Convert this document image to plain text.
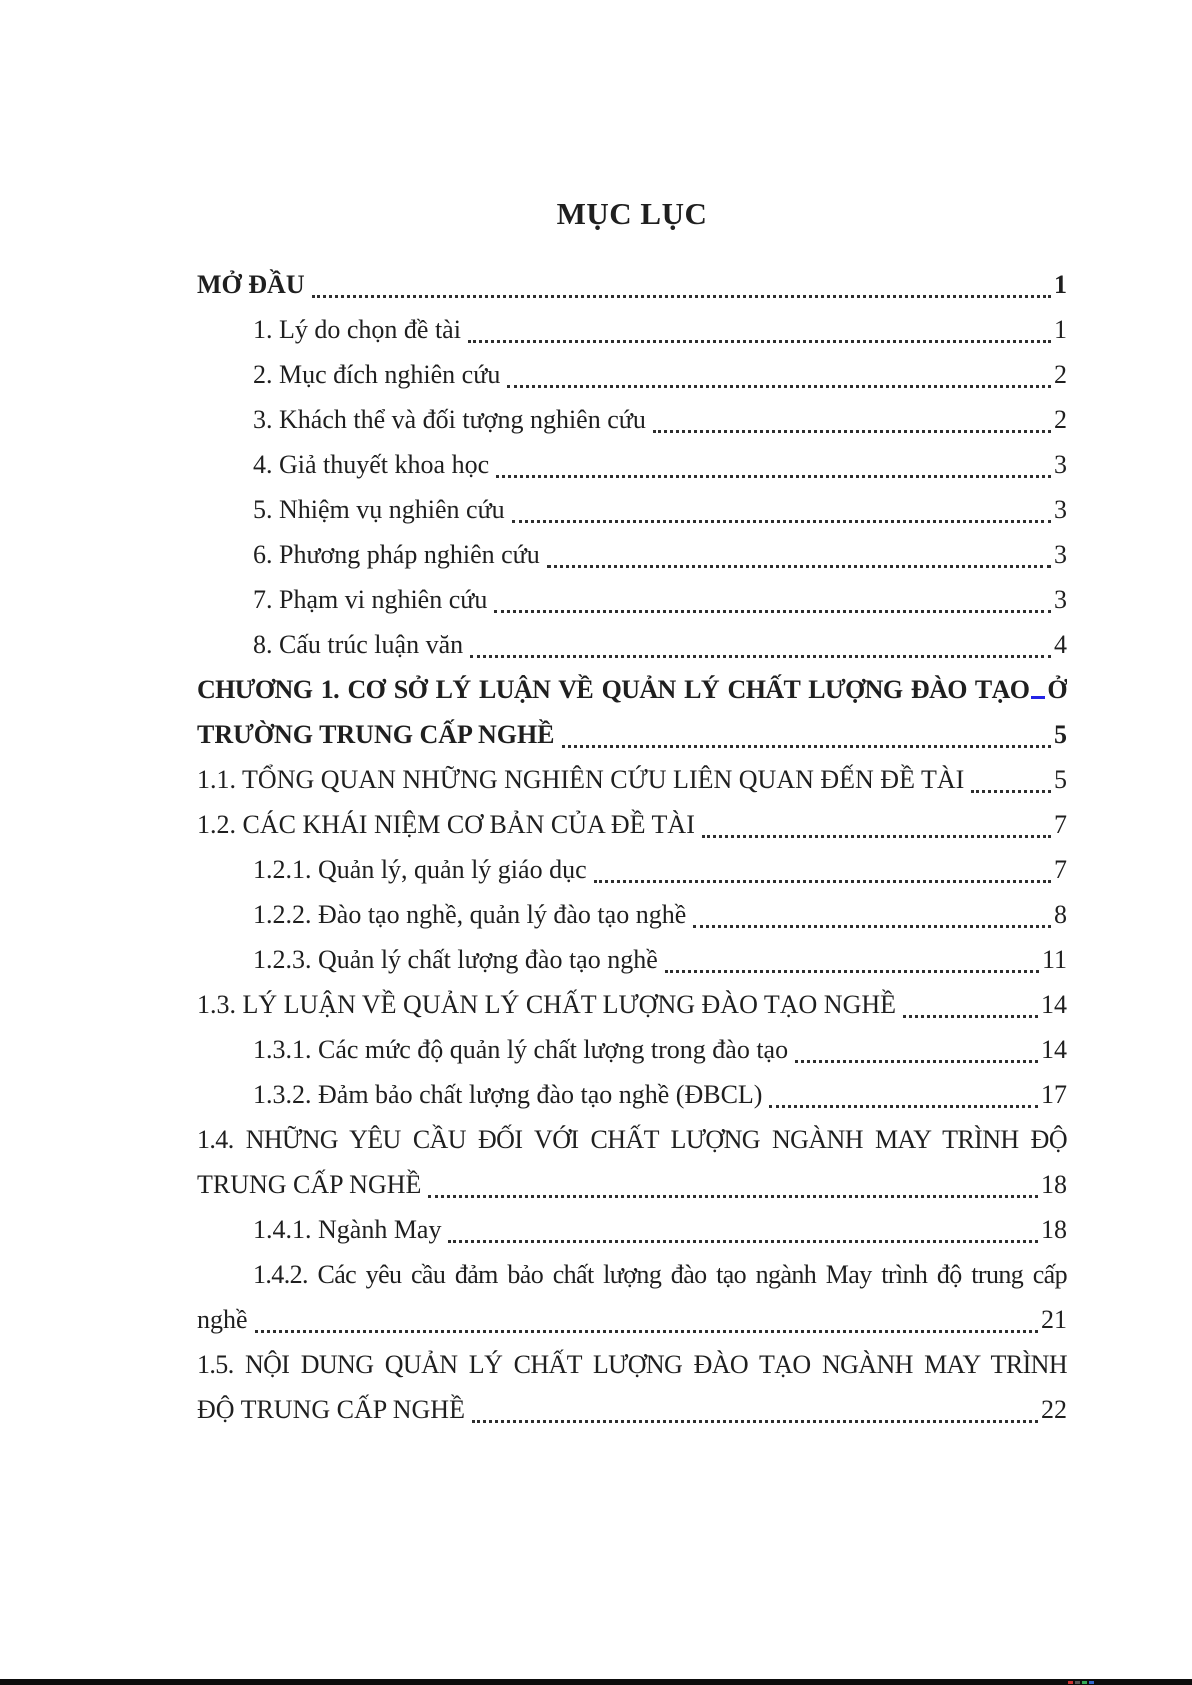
MỤC LỤC
MỞ ĐẦU	1
1. Lý do chọn đề tài	1
2. Mục đích nghiên cứu	2
3. Khách thể và đối tượng nghiên cứu	2
4. Giả thuyết khoa học	3
5. Nhiệm vụ nghiên cứu	3
6. Phương pháp nghiên cứu	3
7. Phạm vi nghiên cứu	3
8. Cấu trúc luận văn	4
CHƯƠNG 1. CƠ SỞ LÝ LUẬN VỀ QUẢN LÝ CHẤT LƯỢNG ĐÀO TẠO Ở
TRƯỜNG TRUNG CẤP NGHỀ	5
1.1. TỔNG QUAN NHỮNG NGHIÊN CỨU LIÊN QUAN ĐẾN ĐỀ TÀI	5
1.2. CÁC KHÁI NIỆM CƠ BẢN CỦA ĐỀ TÀI	7
1.2.1. Quản lý, quản lý giáo dục	7
1.2.2. Đào tạo nghề, quản lý đào tạo nghề	8
1.2.3. Quản lý chất lượng đào tạo nghề	11
1.3. LÝ LUẬN VỀ QUẢN LÝ CHẤT LƯỢNG ĐÀO TẠO NGHỀ	14
1.3.1. Các mức độ quản lý chất lượng trong đào tạo	14
1.3.2. Đảm bảo chất lượng đào tạo nghề (ĐBCL)	17
1.4. NHỮNG YÊU CẦU ĐỐI VỚI CHẤT LƯỢNG NGÀNH MAY TRÌNH ĐỘ
TRUNG CẤP NGHỀ	18
1.4.1. Ngành May	18
1.4.2. Các yêu cầu đảm bảo chất lượng đào tạo ngành May trình độ trung cấp
nghề	21
1.5. NỘI DUNG QUẢN LÝ CHẤT LƯỢNG ĐÀO TẠO NGÀNH MAY TRÌNH
ĐỘ TRUNG CẤP NGHỀ	22
